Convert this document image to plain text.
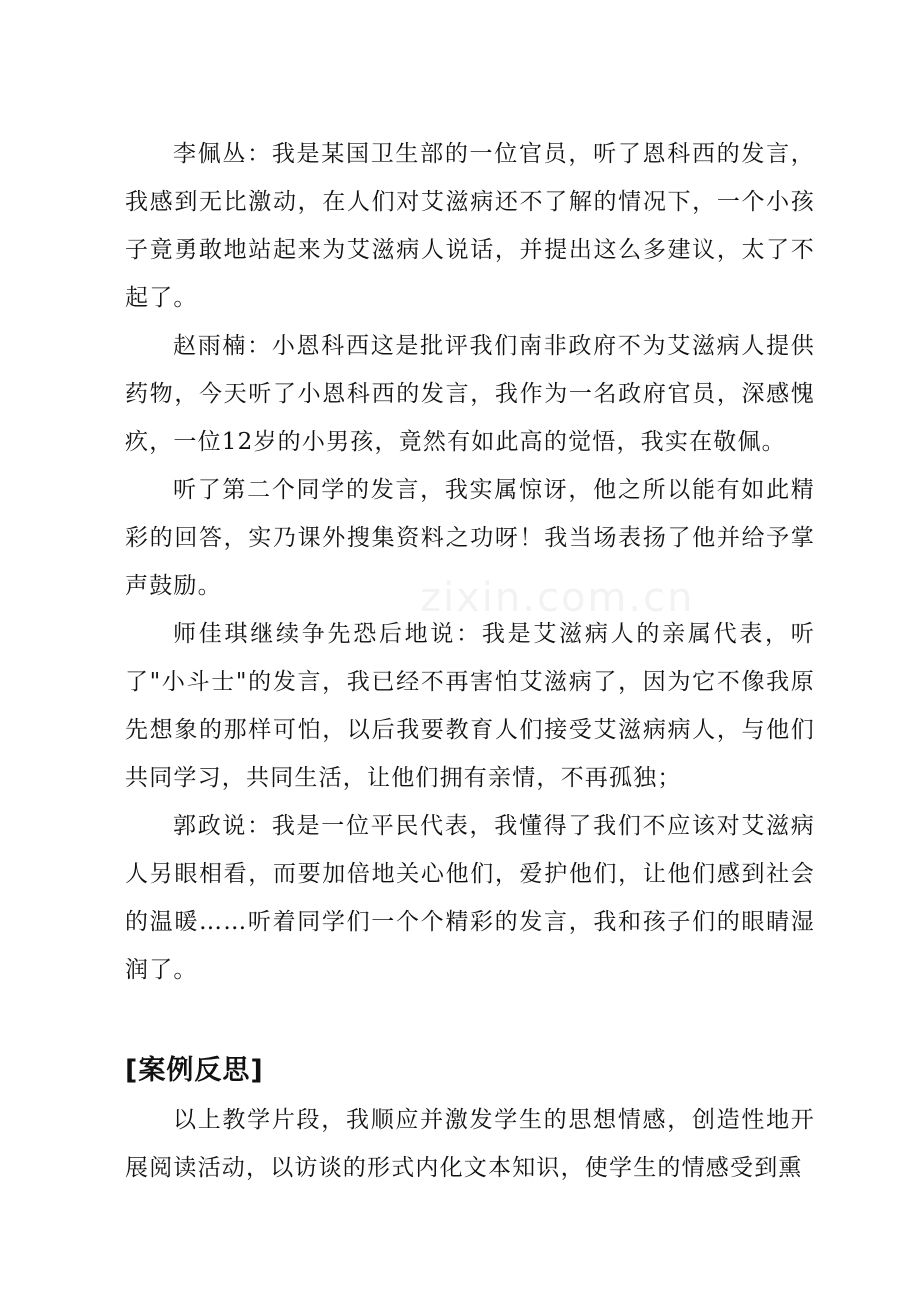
zixin.com.cn

李佩丛：我是某国卫生部的一位官员，听了恩科西的发言，我感到无比激动，在人们对艾滋病还不了解的情况下，一个小孩子竟勇敢地站起来为艾滋病人说话，并提出这么多建议，太了不起了。

赵雨楠：小恩科西这是批评我们南非政府不为艾滋病人提供药物，今天听了小恩科西的发言，我作为一名政府官员，深感愧疚，一位12岁的小男孩，竟然有如此高的觉悟，我实在敬佩。

听了第二个同学的发言，我实属惊讶，他之所以能有如此精彩的回答，实乃课外搜集资料之功呀！我当场表扬了他并给予掌声鼓励。

师佳琪继续争先恐后地说：我是艾滋病人的亲属代表，听了"小斗士"的发言，我已经不再害怕艾滋病了，因为它不像我原先想象的那样可怕，以后我要教育人们接受艾滋病病人，与他们共同学习，共同生活，让他们拥有亲情，不再孤独；

郭政说：我是一位平民代表，我懂得了我们不应该对艾滋病人另眼相看，而要加倍地关心他们，爱护他们，让他们感到社会的温暖……听着同学们一个个精彩的发言，我和孩子们的眼睛湿润了。

[案例反思]

以上教学片段，我顺应并激发学生的思想情感，创造性地开展阅读活动，以访谈的形式内化文本知识，使学生的情感受到熏
